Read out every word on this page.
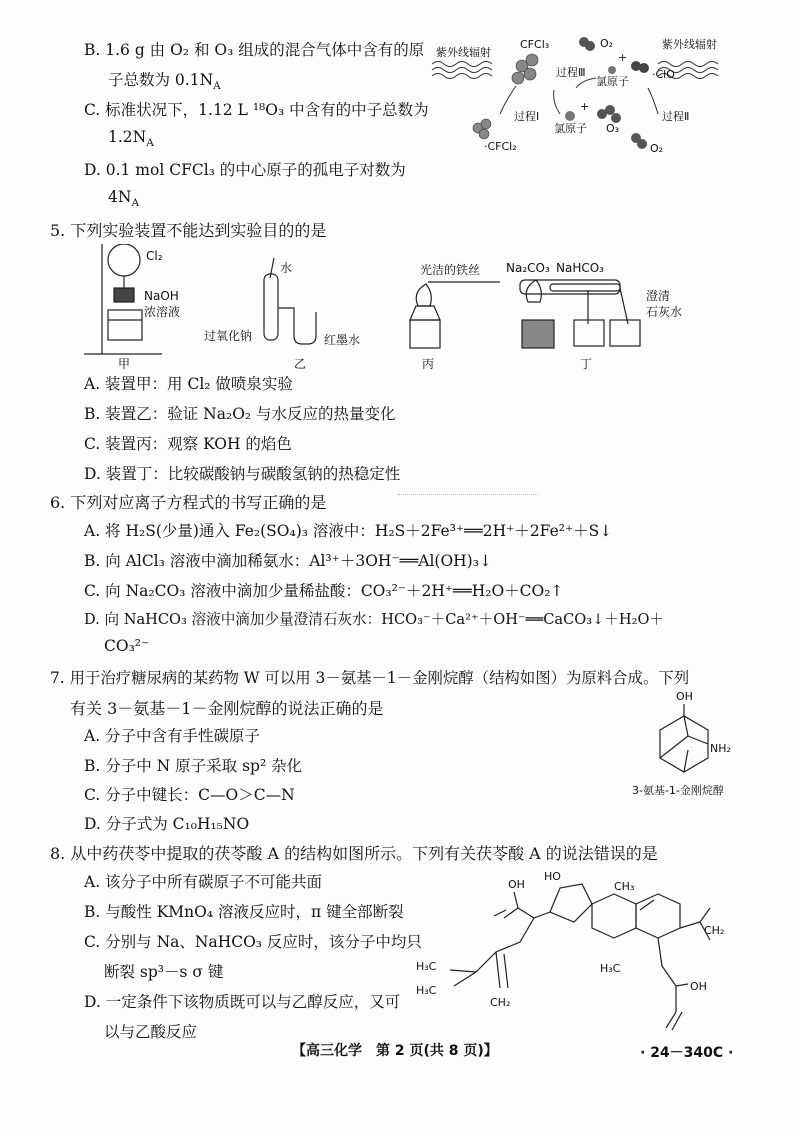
B. 1.6 g 由 O₂ 和 O₃ 组成的混合气体中含有的原
子总数为 $0.1N_A$
C. 标准状况下，1.12 L ¹⁸O₃ 中含有的中子总数为
$1.2N_A$
D. 0.1 mol CFCl₃ 的中心原子的孤电子对数为
$4N_A$
紫外线辐射
紫外线辐射
CFCl₃	O₂
过程Ⅲ
+
氯原子
·ClO
过程Ⅰ
+
氯原子 O₃
过程Ⅱ
·CFCl₂	O₂
5. 下列实验装置不能达到实验目的的是
Cl₂
NaOH
浓溶液
甲
水
过氧化钠	红墨水
乙
光洁的铁丝
丙
Na₂CO₃ NaHCO₃
澄清
石灰水
丁
A. 装置甲：用 Cl₂ 做喷泉实验
B. 装置乙：验证 Na₂O₂ 与水反应的热量变化
C. 装置丙：观察 KOH 的焰色
D. 装置丁：比较碳酸钠与碳酸氢钠的热稳定性
6. 下列对应离子方程式的书写正确的是
A. 将 H₂S(少量)通入 Fe₂(SO₄)₃ 溶液中：H₂S＋2Fe³⁺══2H⁺＋2Fe²⁺＋S↓
B. 向 AlCl₃ 溶液中滴加稀氨水：Al³⁺＋3OH⁻══Al(OH)₃↓
C. 向 Na₂CO₃ 溶液中滴加少量稀盐酸：CO₃²⁻＋2H⁺══H₂O＋CO₂↑
D. 向 NaHCO₃ 溶液中滴加少量澄清石灰水：HCO₃⁻＋Ca²⁺＋OH⁻══CaCO₃↓＋H₂O＋
CO₃²⁻
7. 用于治疗糖尿病的某药物 W 可以用 3－氨基－1－金刚烷醇（结构如图）为原料合成。下列
有关 3－氨基－1－金刚烷醇的说法正确的是
A. 分子中含有手性碳原子
B. 分子中 N 原子采取 sp² 杂化
C. 分子中键长：C—O＞C—N
D. 分子式为 C₁₀H₁₅NO
OH
NH₂
3-氨基-1-金刚烷醇
8. 从中药茯苓中提取的茯苓酸 A 的结构如图所示。下列有关茯苓酸 A 的说法错误的是
A. 该分子中所有碳原子不可能共面
B. 与酸性 KMnO₄ 溶液反应时，π 键全部断裂
C. 分别与 Na、NaHCO₃ 反应时，该分子中均只
断裂 sp³－s σ 键
D. 一定条件下该物质既可以与乙醇反应，又可
以与乙酸反应
OH
HO
CH₃
CH₂
H₃C
H₃C
CH₂
H₃C
OH
【高三化学　第 2 页(共 8 页)】	· 24－340C ·
